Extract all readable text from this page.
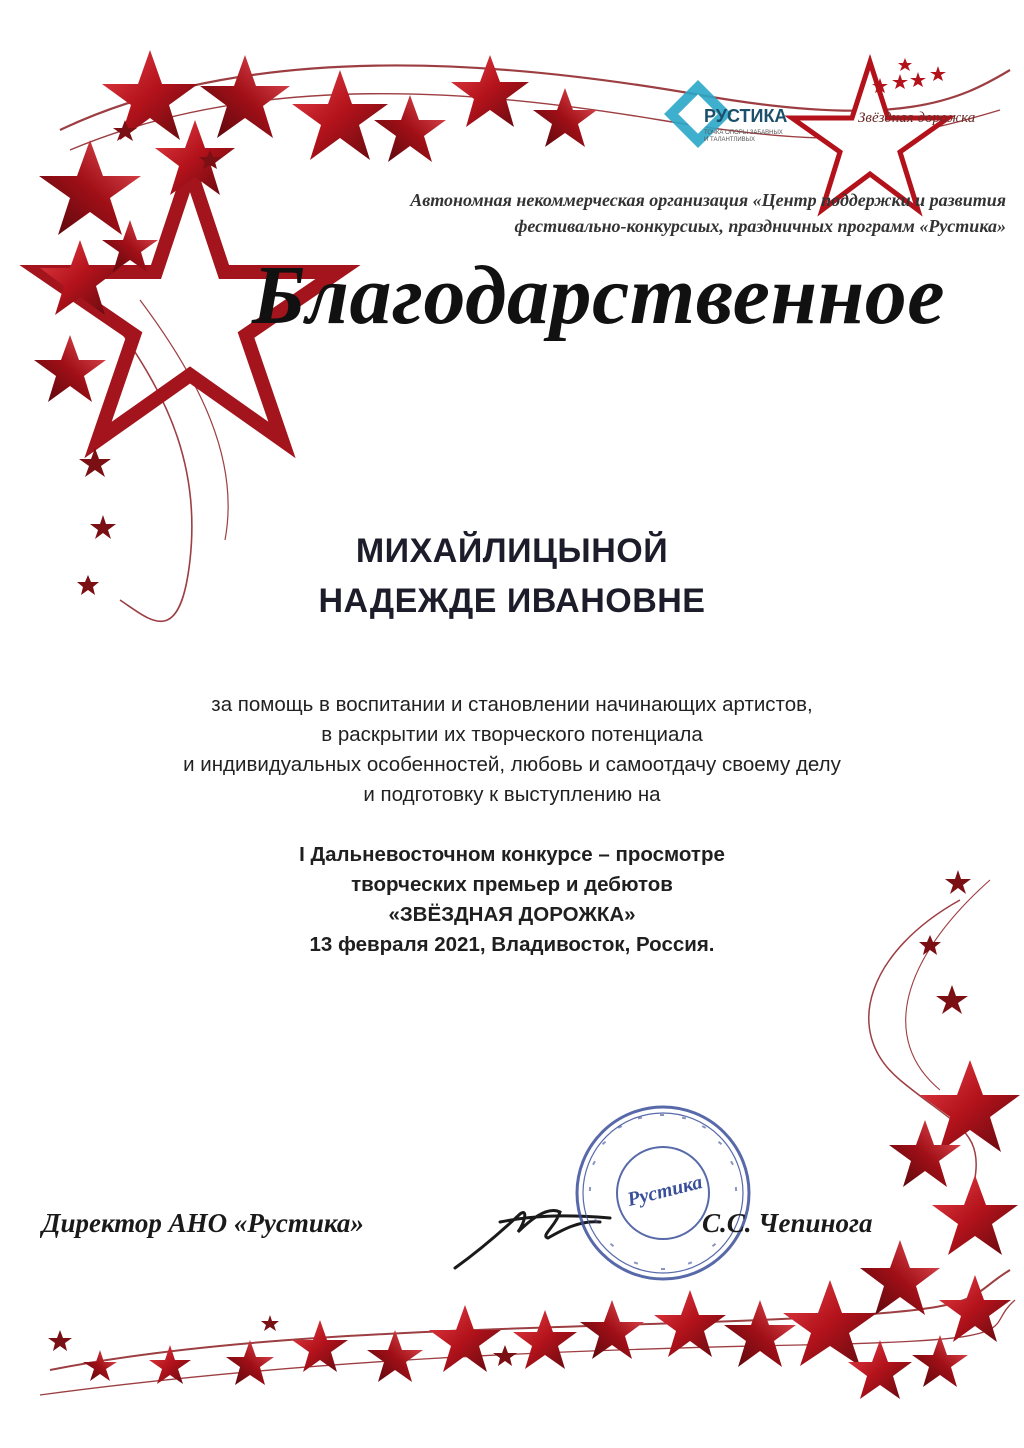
РУСТИКА
ТОЧКА ОПОРЫ ЗАБАВНЫХ И ТАЛАНТЛИВЫХ
Звёздная дорожка
Автономная некоммерческая организация «Центр поддержки и развития
фестивально-конкурсиых, праздничных программ «Рустика»
Благодарственное
МИХАЙЛИЦЫНОЙ
НАДЕЖДЕ ИВАНОВНЕ
за помощь в воспитании и становлении начинающих артистов,
в раскрытии их творческого потенциала
и индивидуальных особенностей, любовь и самоотдачу своему делу
и подготовку к выступлению на
I Дальневосточном конкурсе – просмотре
творческих премьер и дебютов
«ЗВЁЗДНАЯ ДОРОЖКА»
13 февраля 2021, Владивосток, Россия.
Рустика
Директор АНО «Рустика»	С.С. Чепинога
